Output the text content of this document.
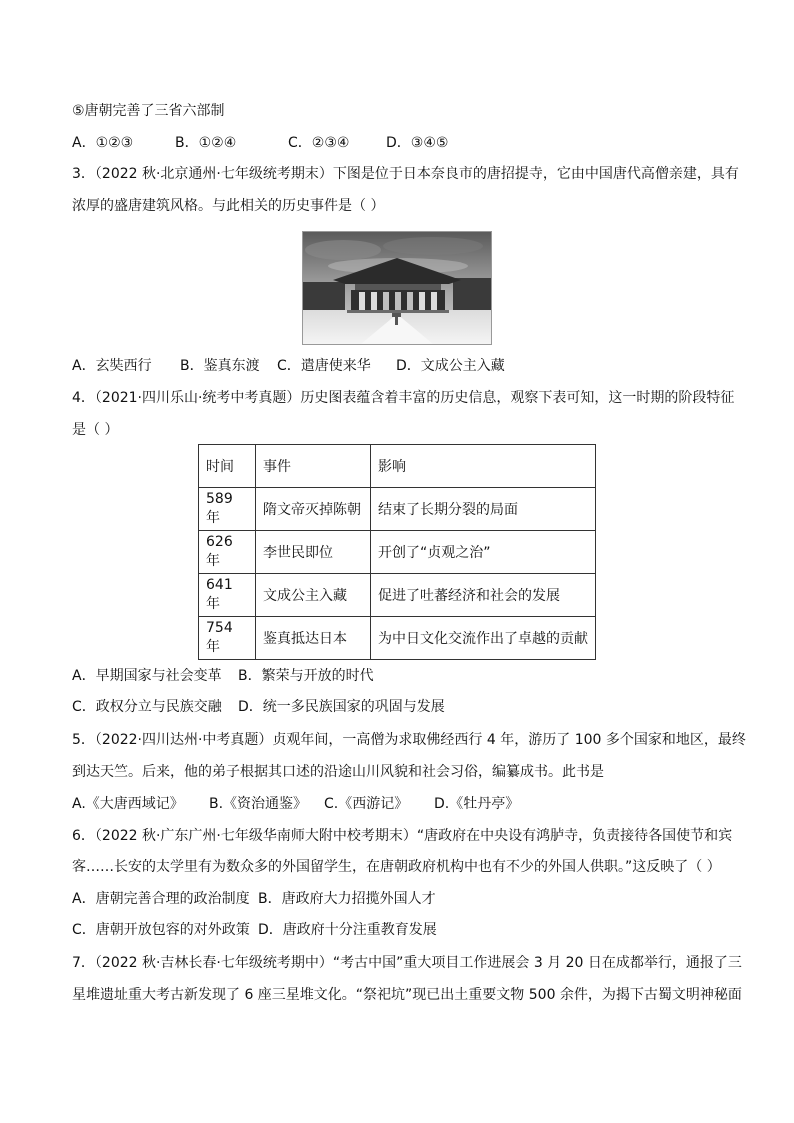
⑤唐朝完善了三省六部制
A．①②③	B．①②④	C．②③④	D．③④⑤
3．（2022 秋·北京通州·七年级统考期末）下图是位于日本奈良市的唐招提寺，它由中国唐代高僧亲建，具有
浓厚的盛唐建筑风格。与此相关的历史事件是（ ）
A．玄奘西行 B．鉴真东渡 C．遣唐使来华 D．文成公主入藏
4．（2021·四川乐山·统考中考真题）历史图表蕴含着丰富的历史信息，观察下表可知，这一时期的阶段特征
是（ ）
时间	事件	影响
589 年	隋文帝灭掉陈朝	结束了长期分裂的局面
626 年	李世民即位	开创了“贞观之治”
641 年	文成公主入藏	促进了吐蕃经济和社会的发展
754 年	鉴真抵达日本	为中日文化交流作出了卓越的贡献
A．早期国家与社会变革 B．繁荣与开放的时代
C．政权分立与民族交融 D．统一多民族国家的巩固与发展
5．（2022·四川达州·中考真题）贞观年间，一高僧为求取佛经西行 4 年，游历了 100 多个国家和地区，最终
到达天竺。后来，他的弟子根据其口述的沿途山川风貌和社会习俗，编纂成书。此书是
A.《大唐西域记》 B.《资治通鉴》 C.《西游记》 D.《牡丹亭》
6．（2022 秋·广东广州·七年级华南师大附中校考期末）“唐政府在中央设有鸿胪寺，负责接待各国使节和宾
客……长安的太学里有为数众多的外国留学生，在唐朝政府机构中也有不少的外国人供职。”这反映了（ ）
A．唐朝完善合理的政治制度 B．唐政府大力招揽外国人才
C．唐朝开放包容的对外政策 D．唐政府十分注重教育发展
7．（2022 秋·吉林长春·七年级统考期中）“考古中国”重大项目工作进展会 3 月 20 日在成都举行，通报了三
星堆遗址重大考古新发现了 6 座三星堆文化。“祭祀坑”现已出土重要文物 500 余件，为揭下古蜀文明神秘面
